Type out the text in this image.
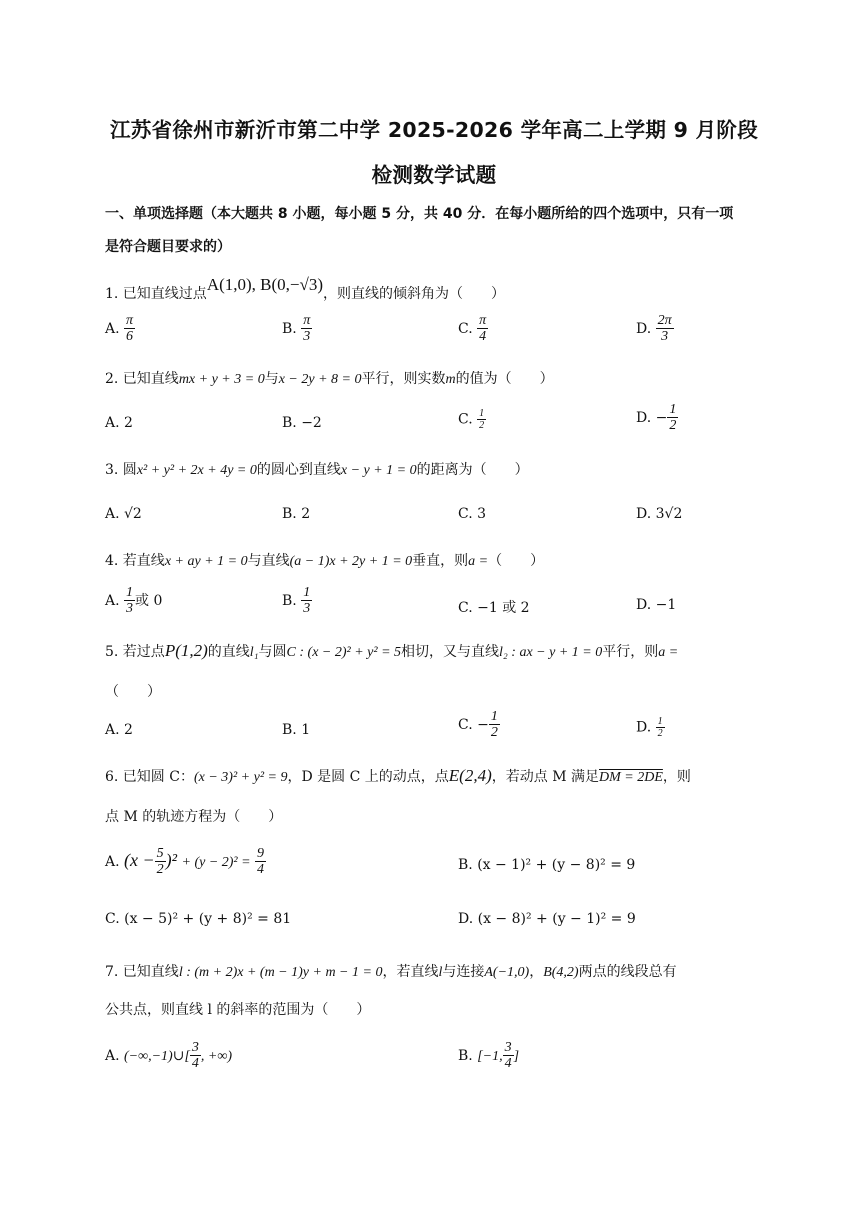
江苏省徐州市新沂市第二中学 2025-2026 学年高二上学期 9 月阶段
检测数学试题
一、单项选择题（本大题共 8 小题，每小题 5 分，共 40 分．在每小题所给的四个选项中，只有一项
是符合题目要求的）
1. 已知直线过点A(1,0), B(0,−√3)，则直线的倾斜角为（　　）
A. $\frac{\pi}{6}$	B. $\frac{\pi}{3}$	C. $\frac{\pi}{4}$	D. $\frac{2\pi}{3}$
2. 已知直线mx + y + 3 = 0与x − 2y + 8 = 0平行，则实数m的值为（　　）
A. 2	B. −2	C. $\frac{1}{2}$	D. − $\frac{1}{2}$
3. 圆x² + y² + 2x + 4y = 0的圆心到直线x − y + 1 = 0的距离为（　　）
A. √2	B. 2	C. 3	D. 3√2
4. 若直线x + ay + 1 = 0与直线(a − 1)x + 2y + 1 = 0垂直，则a =（　　）
A. $\frac{1}{3}$ 或 0	B. $\frac{1}{3}$	C. −1 或 2	D. −1
5. 若过点P(1,2)的直线l₁与圆C : (x − 2)² + y² = 5相切，又与直线l₂ : ax − y + 1 = 0平行，则a =
（　　）
A. 2	B. 1	C. − $\frac{1}{2}$	D. $\frac{1}{2}$
6. 已知圆 C：(x − 3)² + y² = 9，D 是圆 C 上的动点，点E(2,4)，若动点 M 满足DM = 2DE，则
点 M 的轨迹方程为（　　）
A. $(x - \frac{5}{2} )^2 + (y - 2)^2 = \frac{9}{4}$	B. (x − 1)² + (y − 8)² = 9
C. (x − 5)² + (y + 8)² = 81	D. (x − 8)² + (y − 1)² = 9
7. 已知直线l : (m + 2)x + (m − 1)y + m − 1 = 0，若直线l与连接A(−1,0)，B(4,2)两点的线段总有
公共点，则直线 l 的斜率的范围为（　　）
A. (−∞,−1)∪[ $\frac{3}{4}$ , +∞)	B. [−1, $\frac{3}{4}$ ]
